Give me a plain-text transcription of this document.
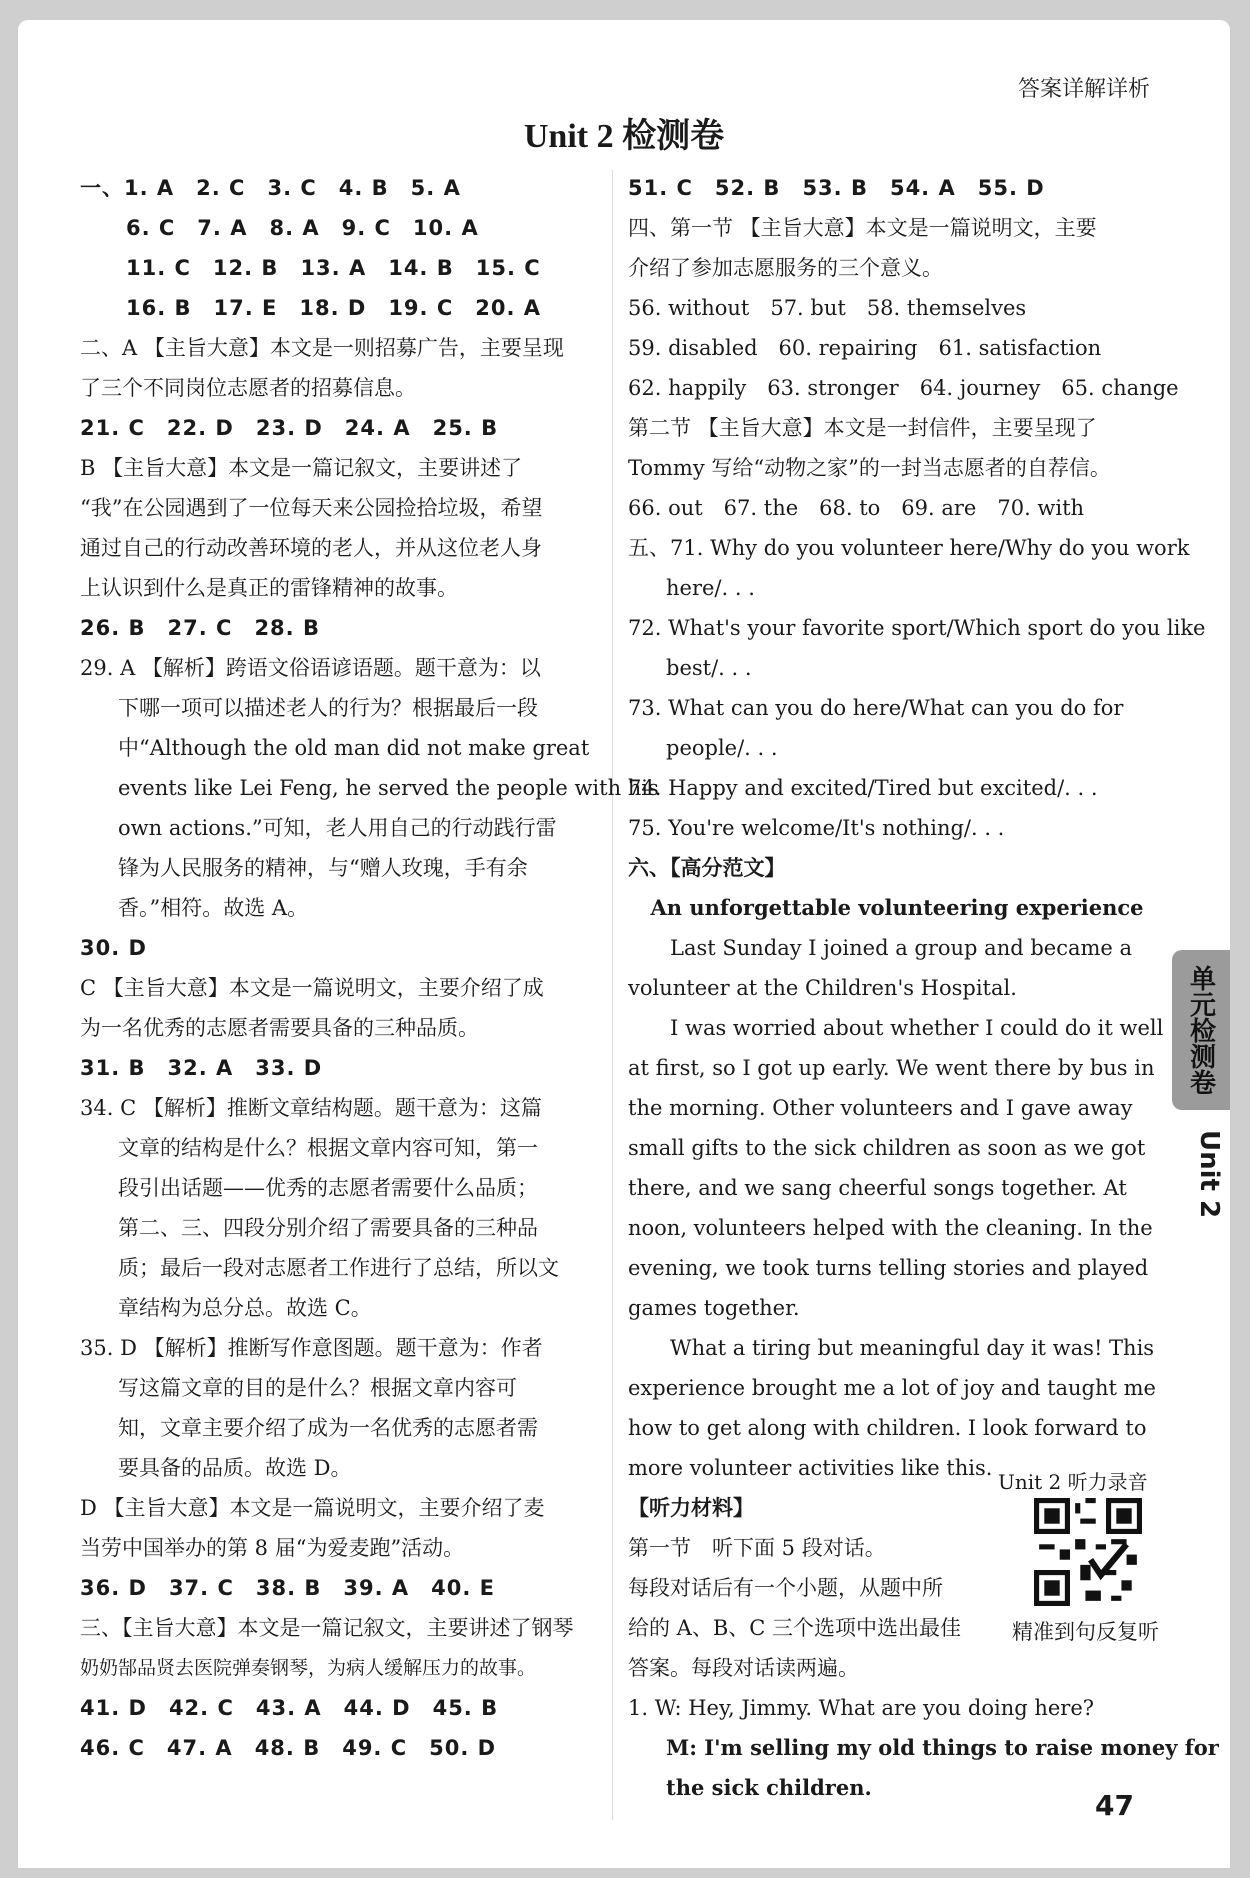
答案详解详析
Unit 2 检测卷
一、1. A　2. C　3. C　4. B　5. A
6. C　7. A　8. A　9. C　10. A
11. C　12. B　13. A　14. B　15. C
16. B　17. E　18. D　19. C　20. A
二、A 【主旨大意】本文是一则招募广告，主要呈现
了三个不同岗位志愿者的招募信息。
21. C　22. D　23. D　24. A　25. B
B 【主旨大意】本文是一篇记叙文，主要讲述了
“我”在公园遇到了一位每天来公园捡拾垃圾，希望
通过自己的行动改善环境的老人，并从这位老人身
上认识到什么是真正的雷锋精神的故事。
26. B　27. C　28. B
29. A 【解析】跨语文俗语谚语题。题干意为：以
下哪一项可以描述老人的行为？根据最后一段
中“Although the old man did not make great
events like Lei Feng, he served the people with his
own actions.”可知，老人用自己的行动践行雷
锋为人民服务的精神，与“赠人玫瑰，手有余
香。”相符。故选 A。
30. D
C 【主旨大意】本文是一篇说明文，主要介绍了成
为一名优秀的志愿者需要具备的三种品质。
31. B　32. A　33. D
34. C 【解析】推断文章结构题。题干意为：这篇
文章的结构是什么？根据文章内容可知，第一
段引出话题——优秀的志愿者需要什么品质；
第二、三、四段分别介绍了需要具备的三种品
质；最后一段对志愿者工作进行了总结，所以文
章结构为总分总。故选 C。
35. D 【解析】推断写作意图题。题干意为：作者
写这篇文章的目的是什么？根据文章内容可
知，文章主要介绍了成为一名优秀的志愿者需
要具备的品质。故选 D。
D 【主旨大意】本文是一篇说明文，主要介绍了麦
当劳中国举办的第 8 届“为爱麦跑”活动。
36. D　37. C　38. B　39. A　40. E
三、【主旨大意】本文是一篇记叙文，主要讲述了钢琴
奶奶郜品贤去医院弹奏钢琴，为病人缓解压力的故事。
41. D　42. C　43. A　44. D　45. B
46. C　47. A　48. B　49. C　50. D
51. C　52. B　53. B　54. A　55. D
四、第一节 【主旨大意】本文是一篇说明文，主要
介绍了参加志愿服务的三个意义。
56. without　57. but　58. themselves
59. disabled　60. repairing　61. satisfaction
62. happily　63. stronger　64. journey　65. change
第二节 【主旨大意】本文是一封信件，主要呈现了
Tommy 写给“动物之家”的一封当志愿者的自荐信。
66. out　67. the　68. to　69. are　70. with
五、71. Why do you volunteer here/Why do you work
here/. . .
72. What's your favorite sport/Which sport do you like
best/. . .
73. What can you do here/What can you do for
people/. . .
74. Happy and excited/Tired but excited/. . .
75. You're welcome/It's nothing/. . .
六、【高分范文】
An unforgettable volunteering experience
Last Sunday I joined a group and became a volunteer at the Children's Hospital.
I was worried about whether I could do it well at first, so I got up early. We went there by bus in the morning. Other volunteers and I gave away small gifts to the sick children as soon as we got there, and we sang cheerful songs together. At noon, volunteers helped with the cleaning. In the evening, we took turns telling stories and played games together.
What a tiring but meaningful day it was! This experience brought me a lot of joy and taught me how to get along with children. I look forward to more volunteer activities like this.
【听力材料】
第一节　听下面 5 段对话。
每段对话后有一个小题，从题中所
给的 A、B、C 三个选项中选出最佳
答案。每段对话读两遍。
1. W: Hey, Jimmy. What are you doing here?
M: I'm selling my old things to raise money for
the sick children.
Unit 2 听力录音
精准到句反复听
单元检测卷
Unit 2
47
